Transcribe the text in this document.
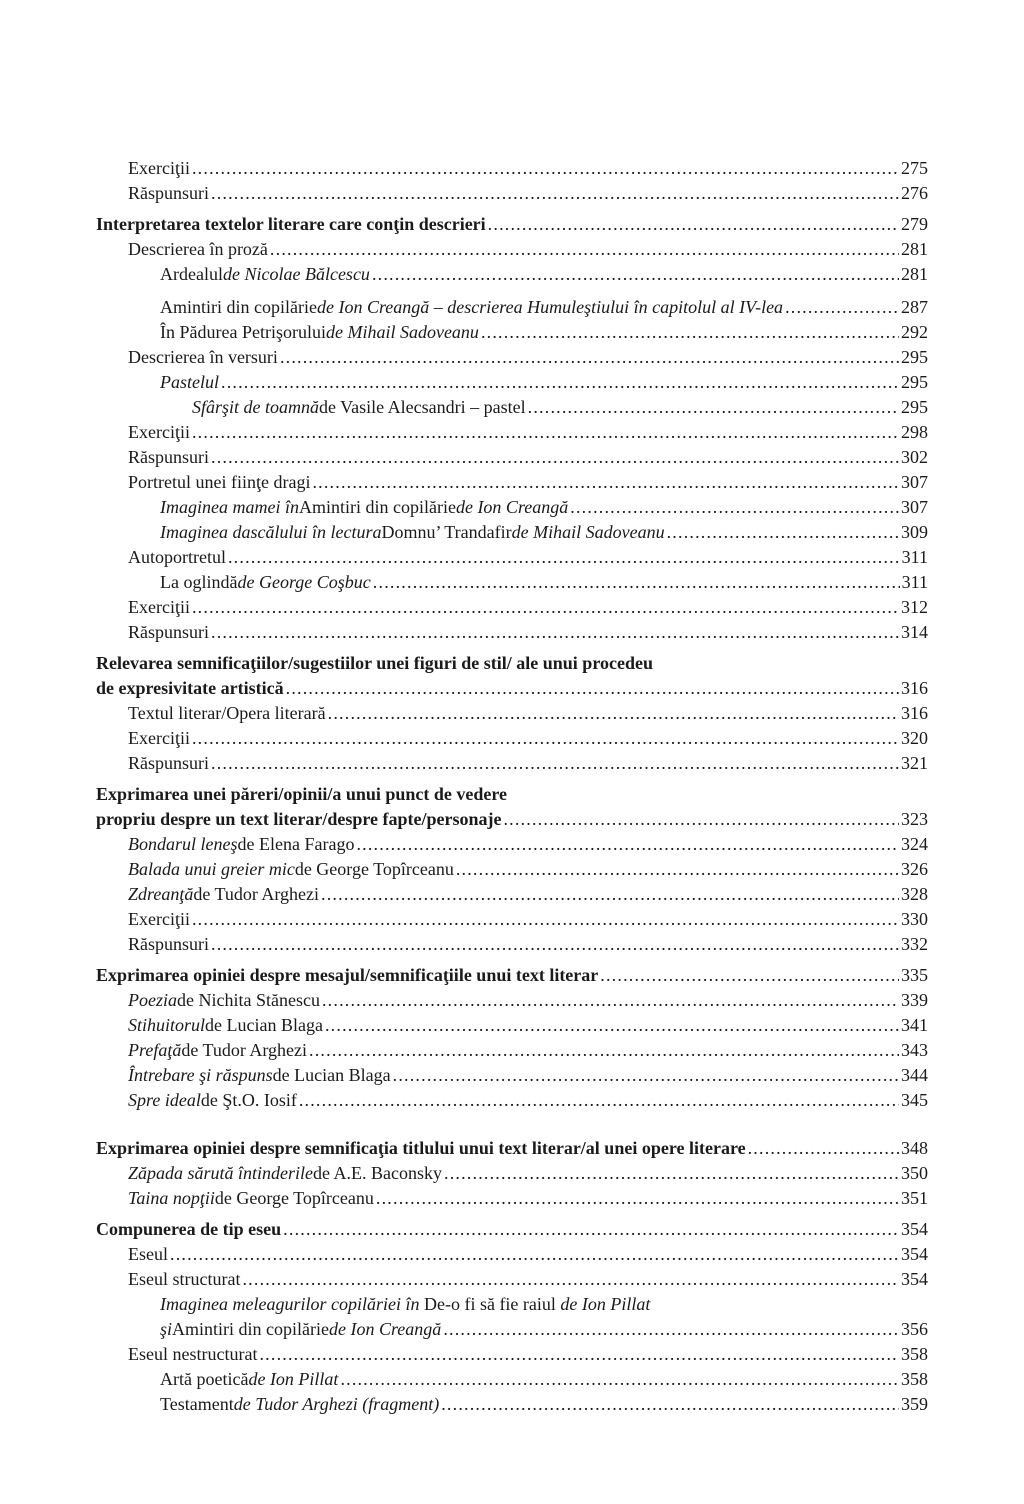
Exerciţii .....	275
Răspunsuri .....	276
Interpretarea textelor literare care conţin descrieri .....	279
Descrierea în proză .....	281
Ardealul de Nicolae Bălcescu .....	281
Amintiri din copilărie de Ion Creangă – descrierea Humuleştiului în capitolul al IV-lea .....	287
În Pădurea Petrişorului de Mihail Sadoveanu .....	292
Descrierea în versuri .....	295
Pastelul .....	295
Sfârşit de toamnă de Vasile Alecsandri – pastel .....	295
Exerciţii .....	298
Răspunsuri .....	302
Portretul unei fiinţe dragi .....	307
Imaginea mamei în Amintiri din copilărie de Ion Creangă .....	307
Imaginea dascălului în lectura Domnu’ Trandafir de Mihail Sadoveanu .....	309
Autoportretul .....	311
La oglindă de George Coşbuc .....	311
Exerciţii .....	312
Răspunsuri .....	314
Relevarea semnificaţiilor/sugestiilor unei figuri de stil/ ale unui procedeu
de expresivitate artistică .....	316
Textul literar/Opera literară .....	316
Exerciţii .....	320
Răspunsuri .....	321
Exprimarea unei păreri/opinii/a unui punct de vedere
propriu despre un text literar/despre fapte/personaje .....	323
Bondarul leneş de Elena Farago .....	324
Balada unui greier mic de George Topîrceanu .....	326
Zdreanţă de Tudor Arghezi .....	328
Exerciţii .....	330
Răspunsuri .....	332
Exprimarea opiniei despre mesajul/semnificaţiile unui text literar .....	335
Poezia de Nichita Stănescu .....	339
Stihuitorul de Lucian Blaga .....	341
Prefaţă de Tudor Arghezi .....	343
Întrebare şi răspuns de Lucian Blaga .....	344
Spre ideal de Şt.O. Iosif .....	345
Exprimarea opiniei despre semnificaţia titlului unui text literar/al unei opere literare .....	348
Zăpada sărută întinderile de A.E. Baconsky .....	350
Taina nopţii de George Topîrceanu .....	351
Compunerea de tip eseu .....	354
Eseul .....	354
Eseul structurat .....	354
Imaginea meleagurilor copilăriei în De-o fi să fie raiul de Ion Pillat
şi Amintiri din copilărie de Ion Creangă .....	356
Eseul nestructurat .....	358
Artă poetică de Ion Pillat .....	358
Testament de Tudor Arghezi (fragment) .....	359
